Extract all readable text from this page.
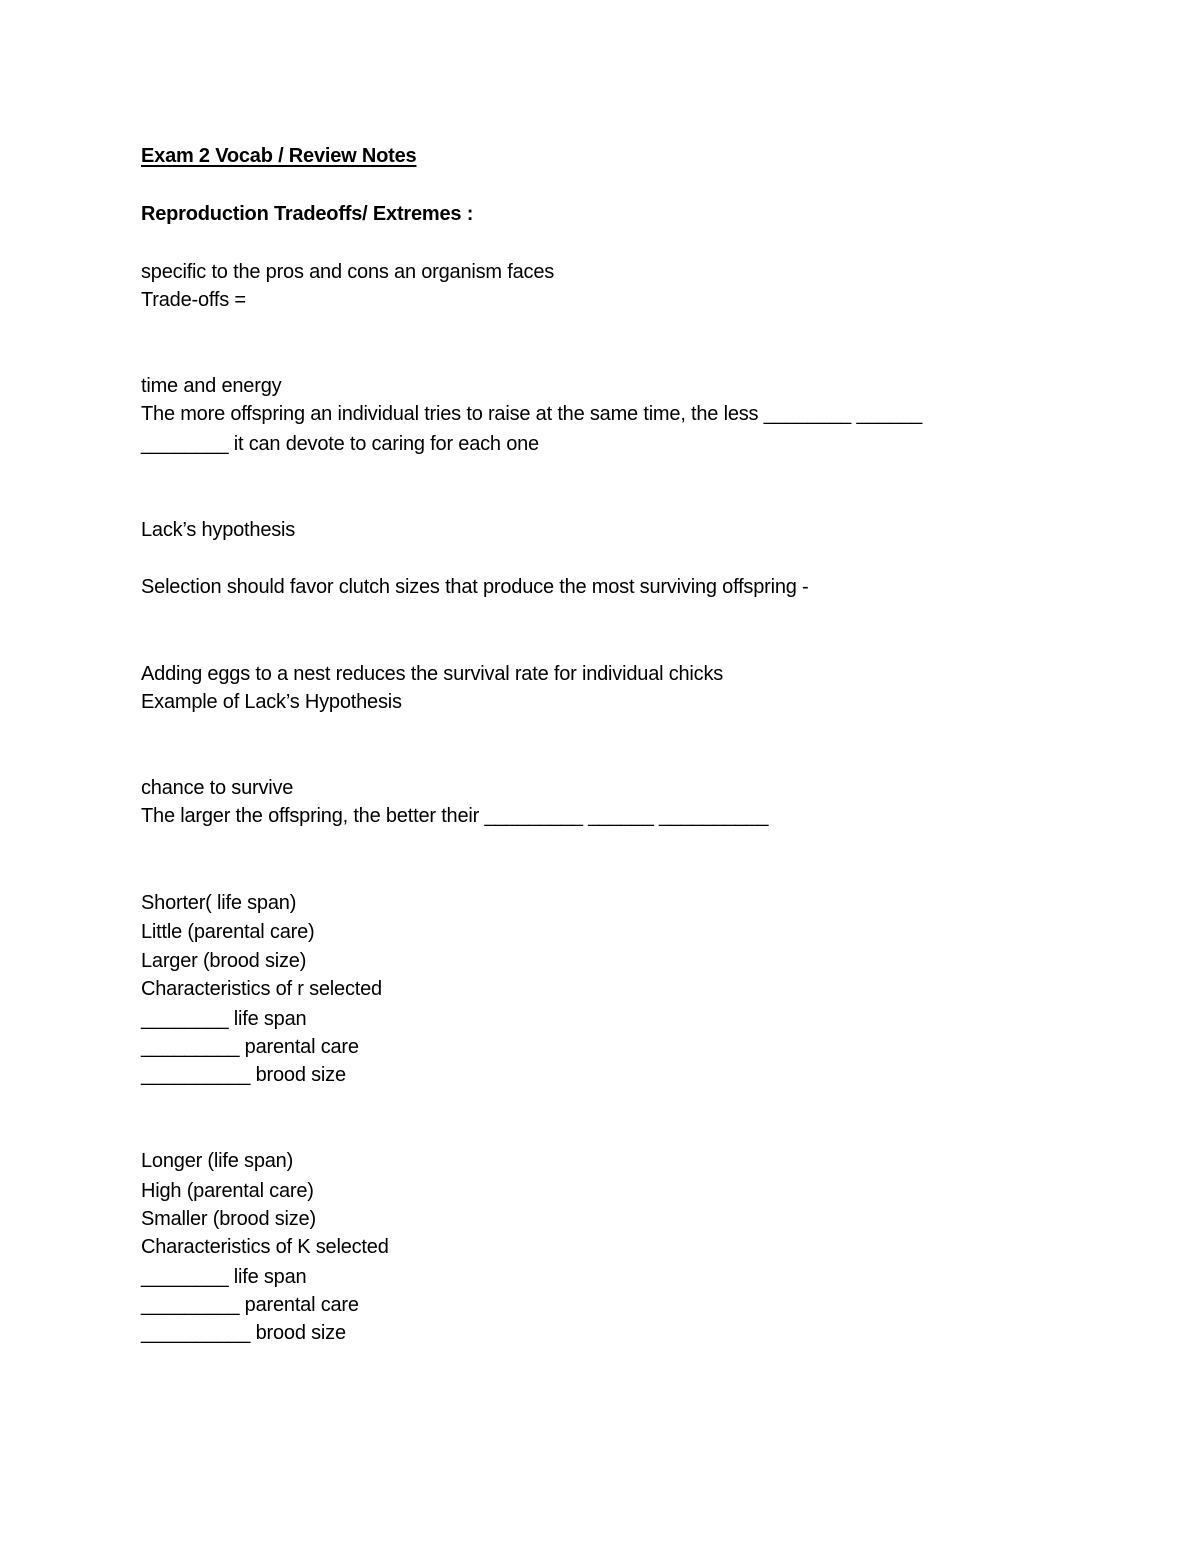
Exam 2 Vocab / Review Notes
Reproduction Tradeoffs/ Extremes :
specific to the pros and cons an organism faces
Trade-offs =
time and energy
The more offspring an individual tries to raise at the same time, the less ________ ______
________ it can devote to caring for each one
Lack’s hypothesis
Selection should favor clutch sizes that produce the most surviving offspring -
Adding eggs to a nest reduces the survival rate for individual chicks
Example of Lack’s Hypothesis
chance to survive
The larger the offspring, the better their _________ ______ __________
Shorter( life span)
Little (parental care)
Larger (brood size)
Characteristics of r selected
________ life span
_________ parental care
__________ brood size
Longer (life span)
High (parental care)
Smaller (brood size)
Characteristics of K selected
________ life span
_________ parental care
__________ brood size
